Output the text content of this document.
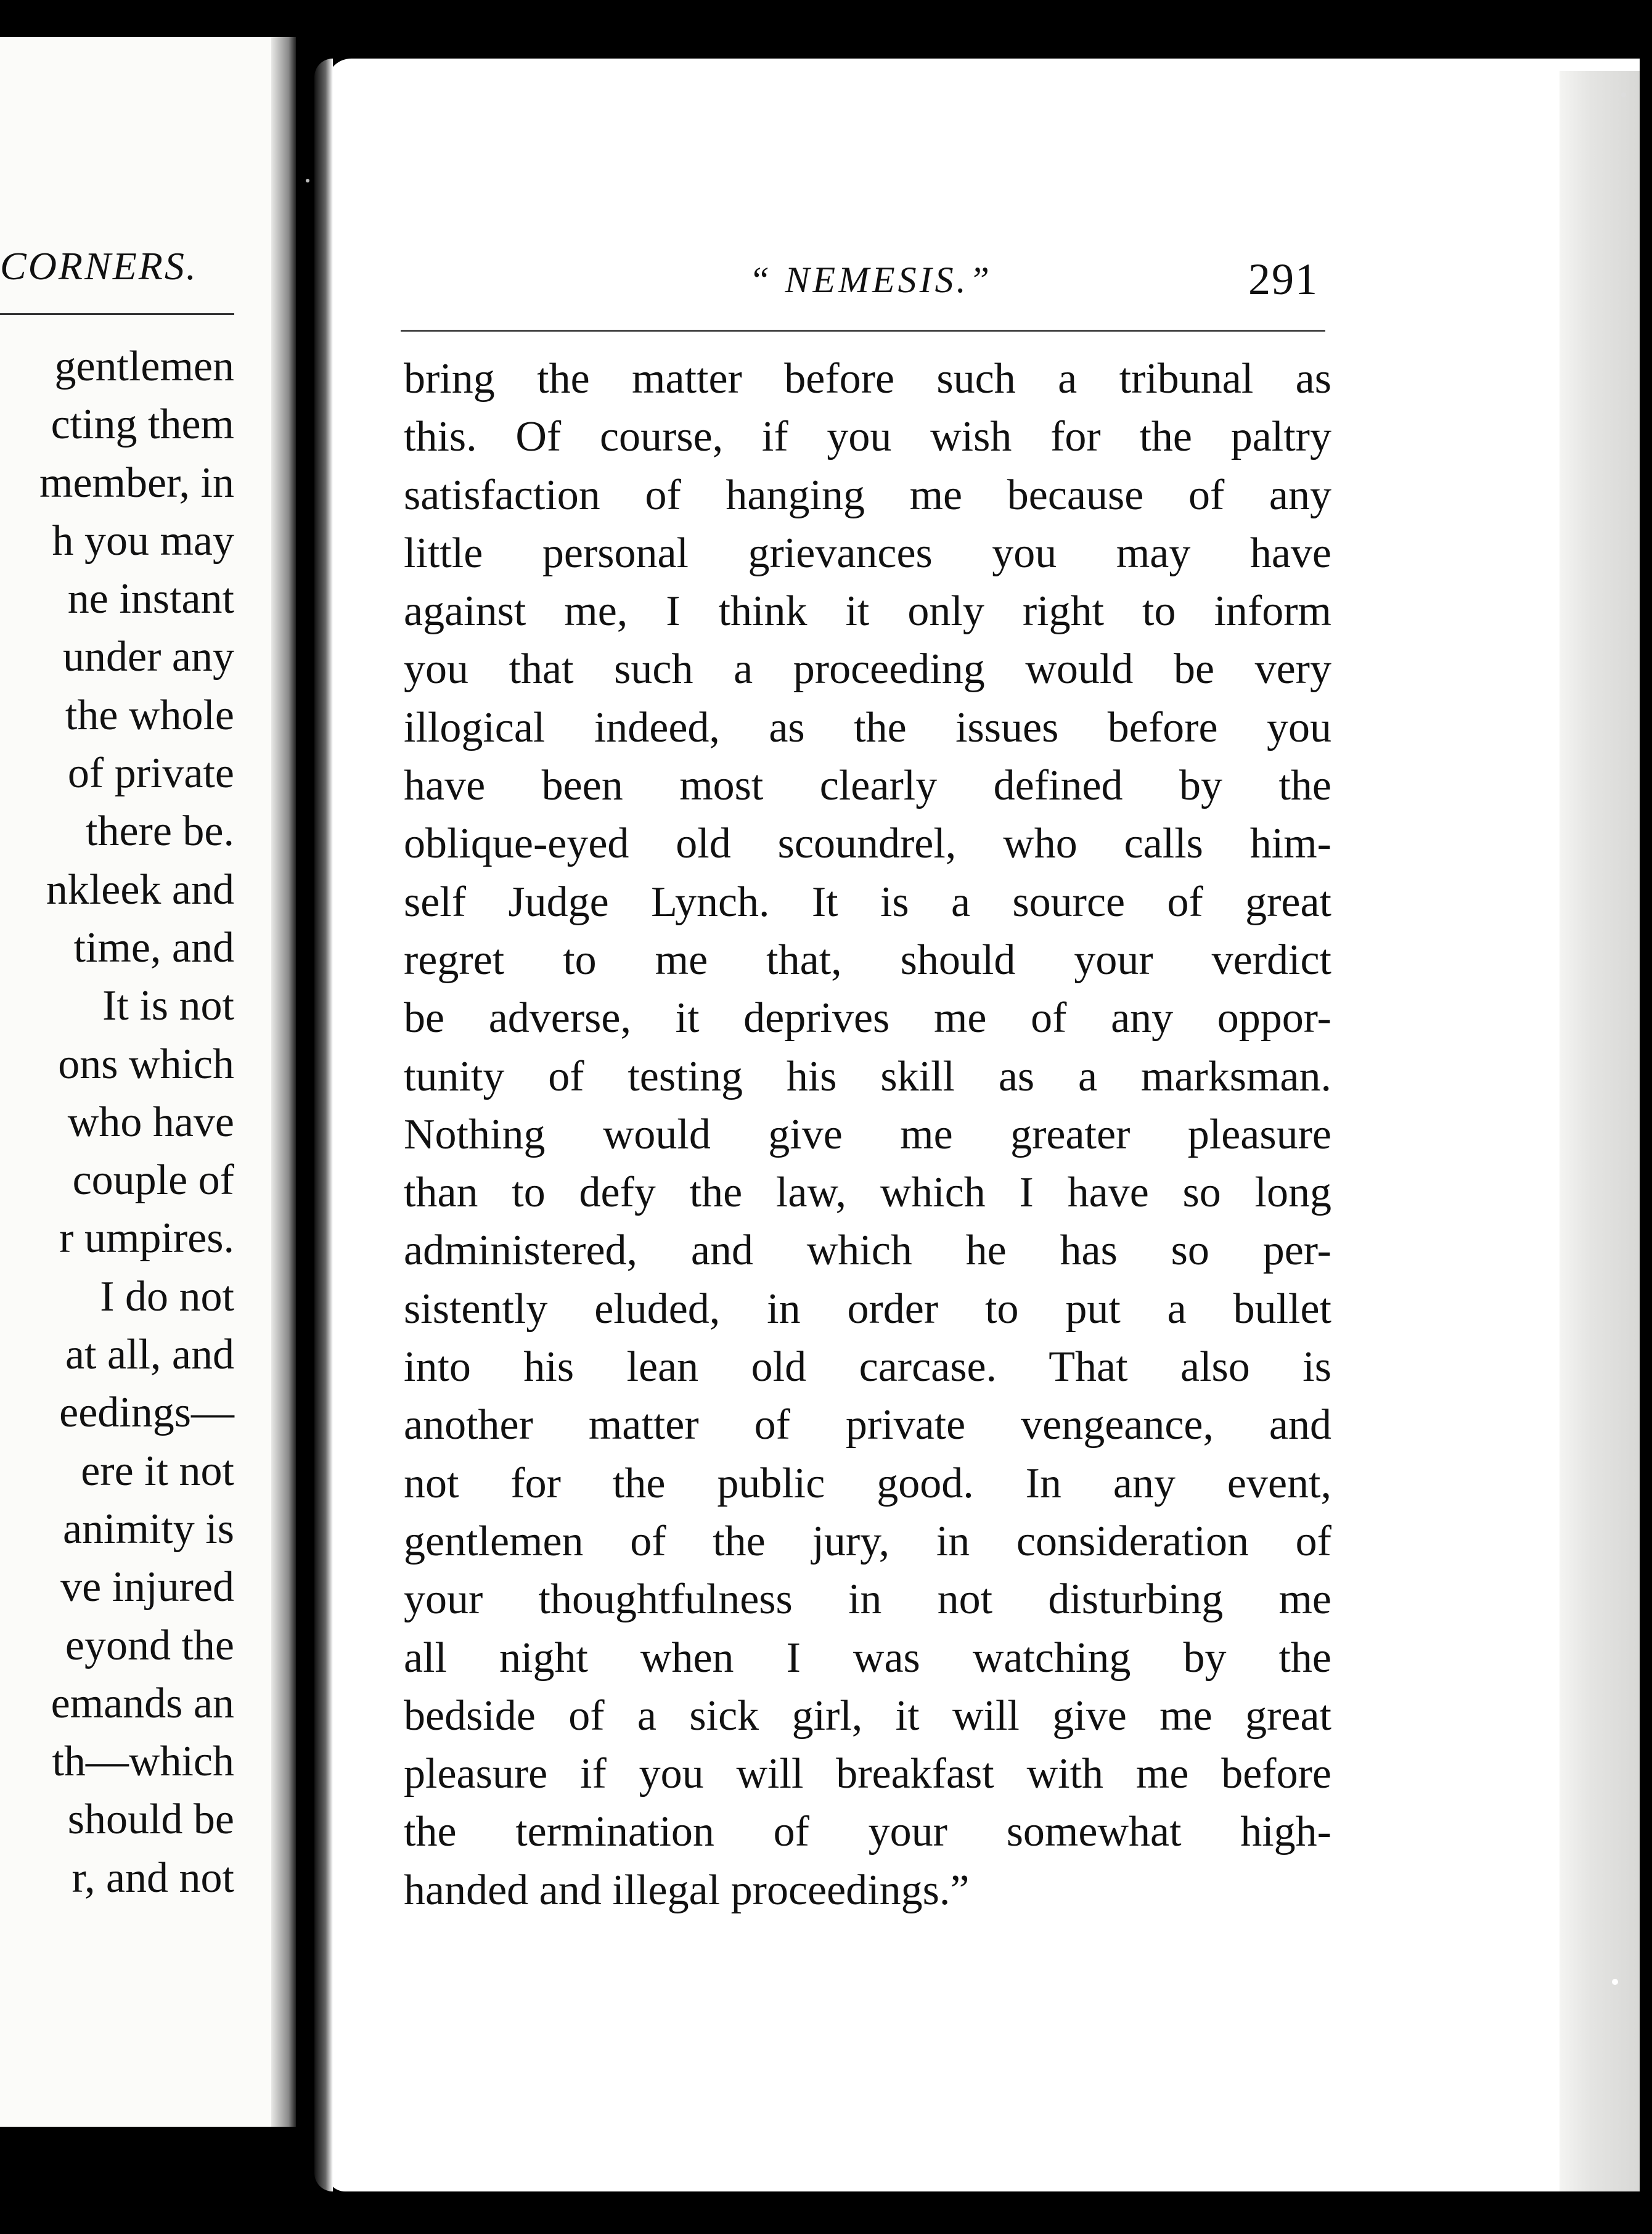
CORNERS.
gentlemen
cting them
member, in
h you may
ne instant
under any
the whole
of private
there be.
nkleek and
time, and
It is not
ons which
who have
couple of
r umpires.
I do not
at all, and
eedings—
ere it not
animity is
ve injured
eyond the
emands an
th—which
should be
r, and not
“ NEMESIS.”	291
bring the matter before such a tribunal as
this. Of course, if you wish for the paltry
satisfaction of hanging me because of any
little personal grievances you may have
against me, I think it only right to inform
you that such a proceeding would be very
illogical indeed, as the issues before you
have been most clearly defined by the
oblique-eyed old scoundrel, who calls him-
self Judge Lynch. It is a source of great
regret to me that, should your verdict
be adverse, it deprives me of any oppor-
tunity of testing his skill as a marksman.
Nothing would give me greater pleasure
than to defy the law, which I have so long
administered, and which he has so per-
sistently eluded, in order to put a bullet
into his lean old carcase. That also is
another matter of private vengeance, and
not for the public good. In any event,
gentlemen of the jury, in consideration of
your thoughtfulness in not disturbing me
all night when I was watching by the
bedside of a sick girl, it will give me great
pleasure if you will breakfast with me before
the termination of your somewhat high-
handed and illegal proceedings.”
